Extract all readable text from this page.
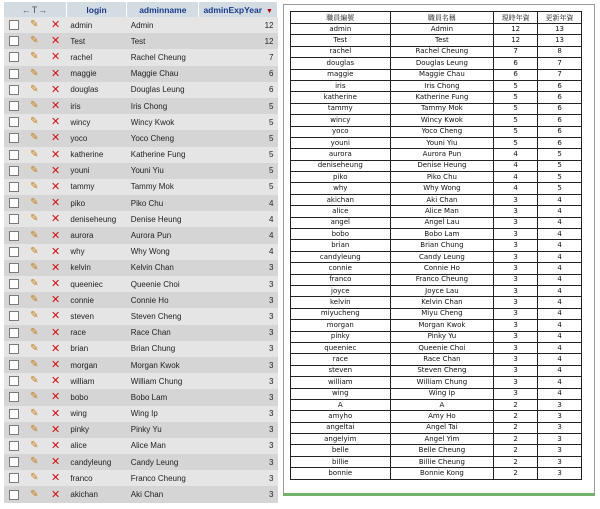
←T→			login	adminname	adminExpYear ▼
	✎	✕	admin	Admin	12
	✎	✕	Test	Test	12
	✎	✕	rachel	Rachel Cheung	7
	✎	✕	maggie	Maggie Chau	6
	✎	✕	douglas	Douglas Leung	6
	✎	✕	iris	Iris Chong	5
	✎	✕	wincy	Wincy Kwok	5
	✎	✕	yoco	Yoco Cheng	5
	✎	✕	katherine	Katherine Fung	5
	✎	✕	youni	Youni Yiu	5
	✎	✕	tammy	Tammy Mok	5
	✎	✕	piko	Piko Chu	4
	✎	✕	deniseheung	Denise Heung	4
	✎	✕	aurora	Aurora Pun	4
	✎	✕	why	Why Wong	4
	✎	✕	kelvin	Kelvin Chan	3
	✎	✕	queeniec	Queenie Choi	3
	✎	✕	connie	Connie Ho	3
	✎	✕	steven	Steven Cheng	3
	✎	✕	race	Race Chan	3
	✎	✕	brian	Brian Chung	3
	✎	✕	morgan	Morgan Kwok	3
	✎	✕	william	William Chung	3
	✎	✕	bobo	Bobo Lam	3
	✎	✕	wing	Wing Ip	3
	✎	✕	pinky	Pinky Yu	3
	✎	✕	alice	Alice Man	3
	✎	✕	candyleung	Candy Leung	3
	✎	✕	franco	Franco Cheung	3
	✎	✕	akichan	Aki Chan	3
職員編號	職員名稱	現時年資	更新年資
admin	Admin	12	13
Test	Test	12	13
rachel	Rachel Cheung	7	8
douglas	Douglas Leung	6	7
maggie	Maggie Chau	6	7
iris	Iris Chong	5	6
katherine	Katherine Fung	5	6
tammy	Tammy Mok	5	6
wincy	Wincy Kwok	5	6
yoco	Yoco Cheng	5	6
youni	Youni Yiu	5	6
aurora	Aurora Pun	4	5
deniseheung	Denise Heung	4	5
piko	Piko Chu	4	5
why	Why Wong	4	5
akichan	Aki Chan	3	4
alice	Alice Man	3	4
angel	Angel Lau	3	4
bobo	Bobo Lam	3	4
brian	Brian Chung	3	4
candyleung	Candy Leung	3	4
connie	Connie Ho	3	4
franco	Franco Cheung	3	4
joyce	Joyce Lau	3	4
kelvin	Kelvin Chan	3	4
miyucheng	Miyu Cheng	3	4
morgan	Morgan Kwok	3	4
pinky	Pinky Yu	3	4
queeniec	Queenie Choi	3	4
race	Race Chan	3	4
steven	Steven Cheng	3	4
william	William Chung	3	4
wing	Wing Ip	3	4
A	A	2	3
amyho	Amy Ho	2	3
angeltai	Angel Tai	2	3
angelyim	Angel Yim	2	3
belle	Belle Cheung	2	3
billie	Billie Cheung	2	3
bonnie	Bonnie Kong	2	3
